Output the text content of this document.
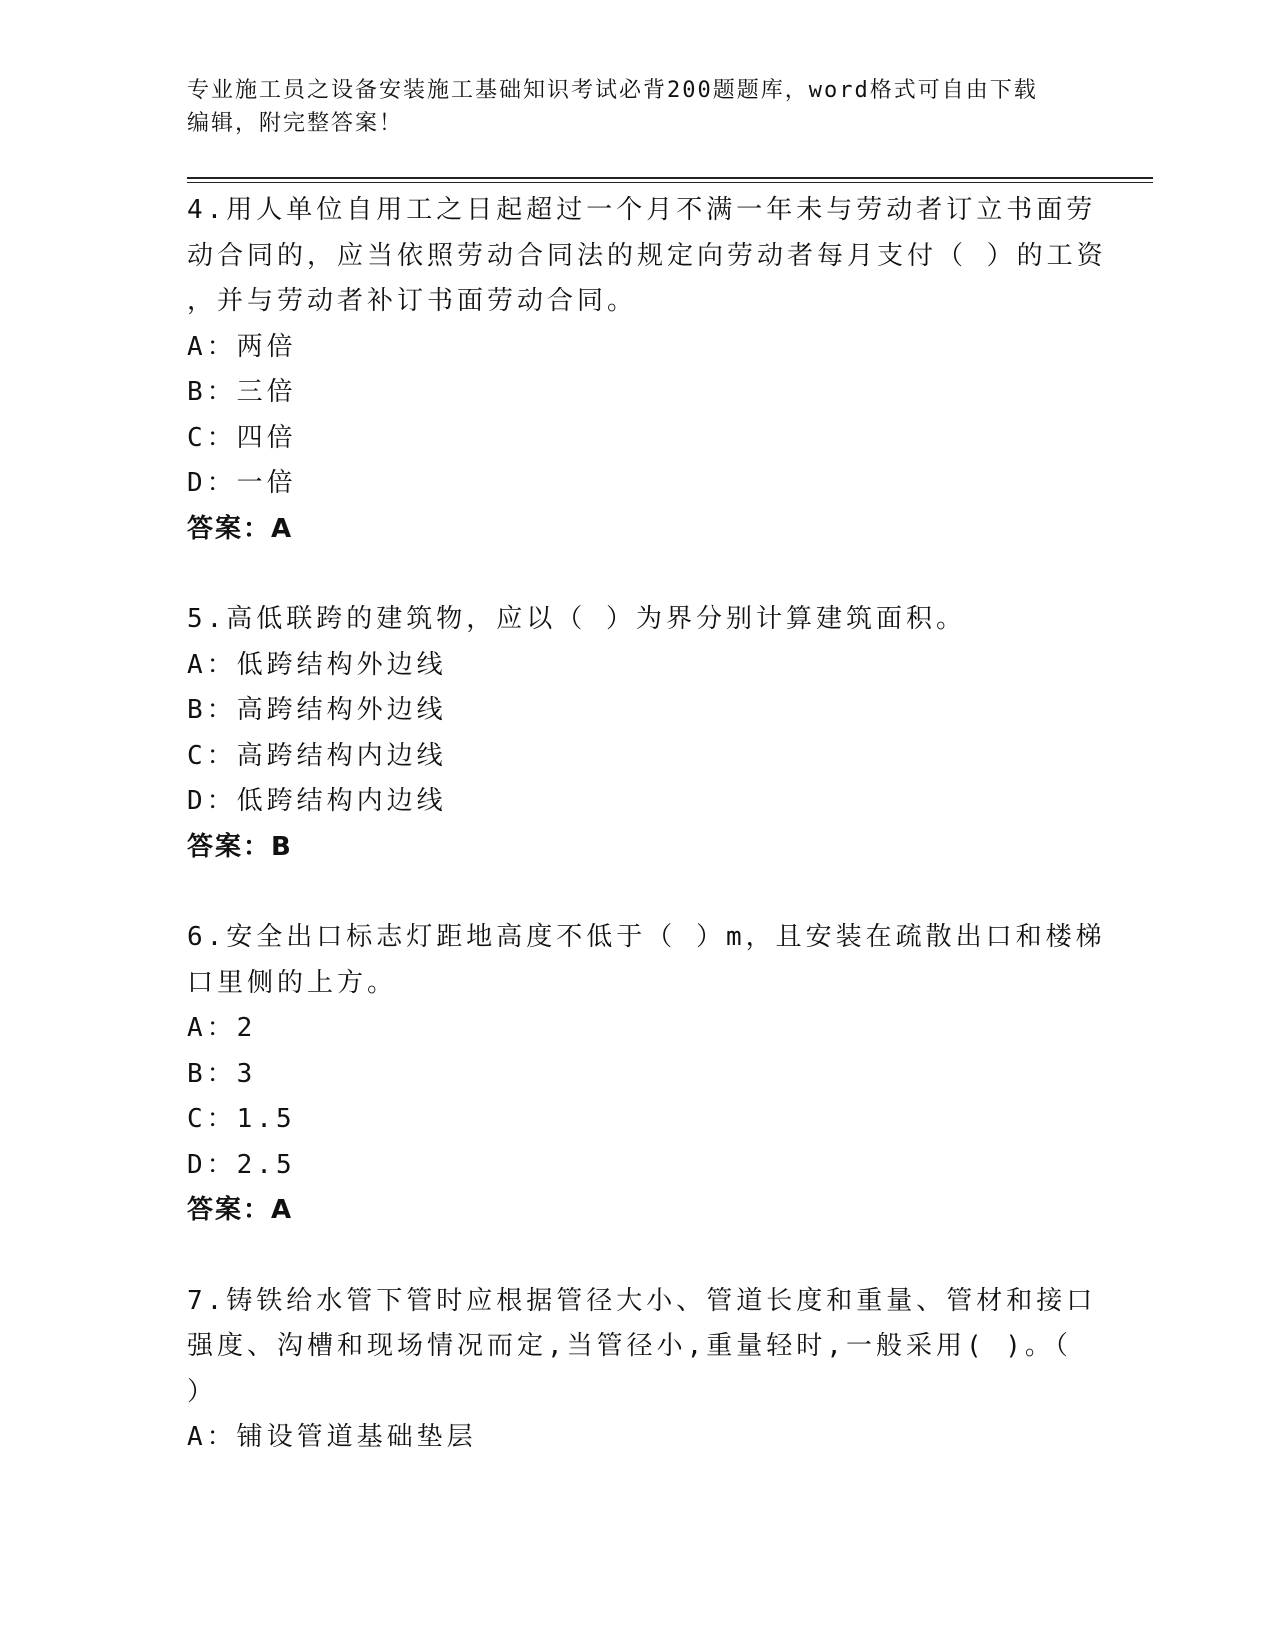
专业施工员之设备安装施工基础知识考试必背200题题库，word格式可自由下载
编辑，附完整答案！
4.用人单位自用工之日起超过一个月不满一年未与劳动者订立书面劳
动合同的，应当依照劳动合同法的规定向劳动者每月支付（ ）的工资
，并与劳动者补订书面劳动合同。
A：两倍
B：三倍
C：四倍
D：一倍
答案：A
5.高低联跨的建筑物，应以（ ）为界分别计算建筑面积。
A：低跨结构外边线
B：高跨结构外边线
C：高跨结构内边线
D：低跨结构内边线
答案：B
6.安全出口标志灯距地高度不低于（ ）m，且安装在疏散出口和楼梯
口里侧的上方。
A：2
B：3
C：1.5
D：2.5
答案：A
7.铸铁给水管下管时应根据管径大小、管道长度和重量、管材和接口
强度、沟槽和现场情况而定,当管径小,重量轻时,一般采用( )。（
）
A：铺设管道基础垫层
